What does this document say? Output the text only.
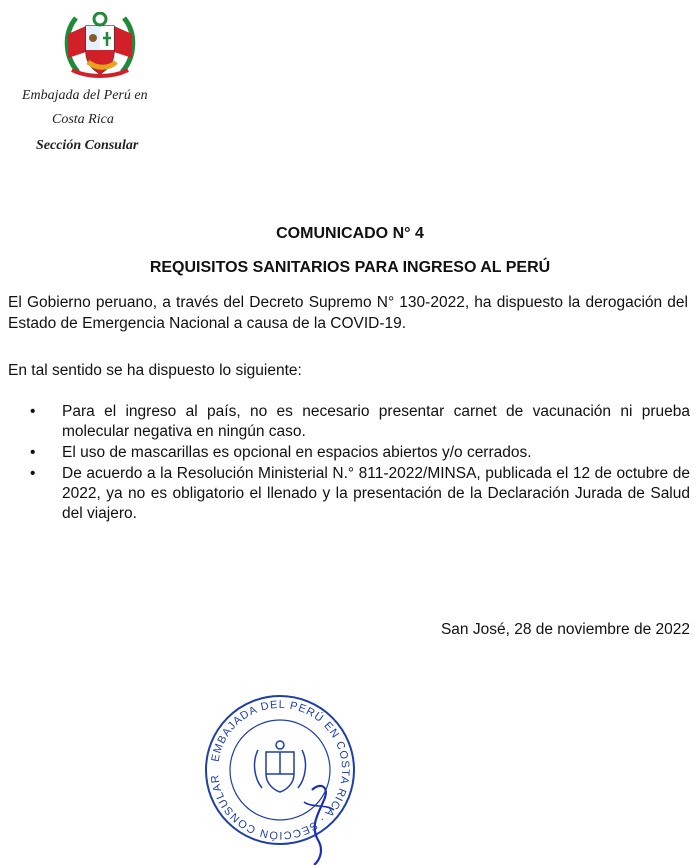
Embajada del Perú en
Costa Rica
Sección Consular
COMUNICADO N° 4
REQUISITOS SANITARIOS PARA INGRESO AL PERÚ

El Gobierno peruano, a través del Decreto Supremo N° 130-2022, ha dispuesto la derogación del Estado de Emergencia Nacional a causa de la COVID-19.

En tal sentido se ha dispuesto lo siguiente:

• Para el ingreso al país, no es necesario presentar carnet de vacunación ni prueba molecular negativa en ningún caso.
• El uso de mascarillas es opcional en espacios abiertos y/o cerrados.
• De acuerdo a la Resolución Ministerial N.° 811-2022/MINSA, publicada el 12 de octubre de 2022, ya no es obligatorio el llenado y la presentación de la Declaración Jurada de Salud del viajero.
San José, 28 de noviembre de 2022
EMBAJADA DEL PERÚ EN COSTA RICA · SECCIÓN CONSULAR
